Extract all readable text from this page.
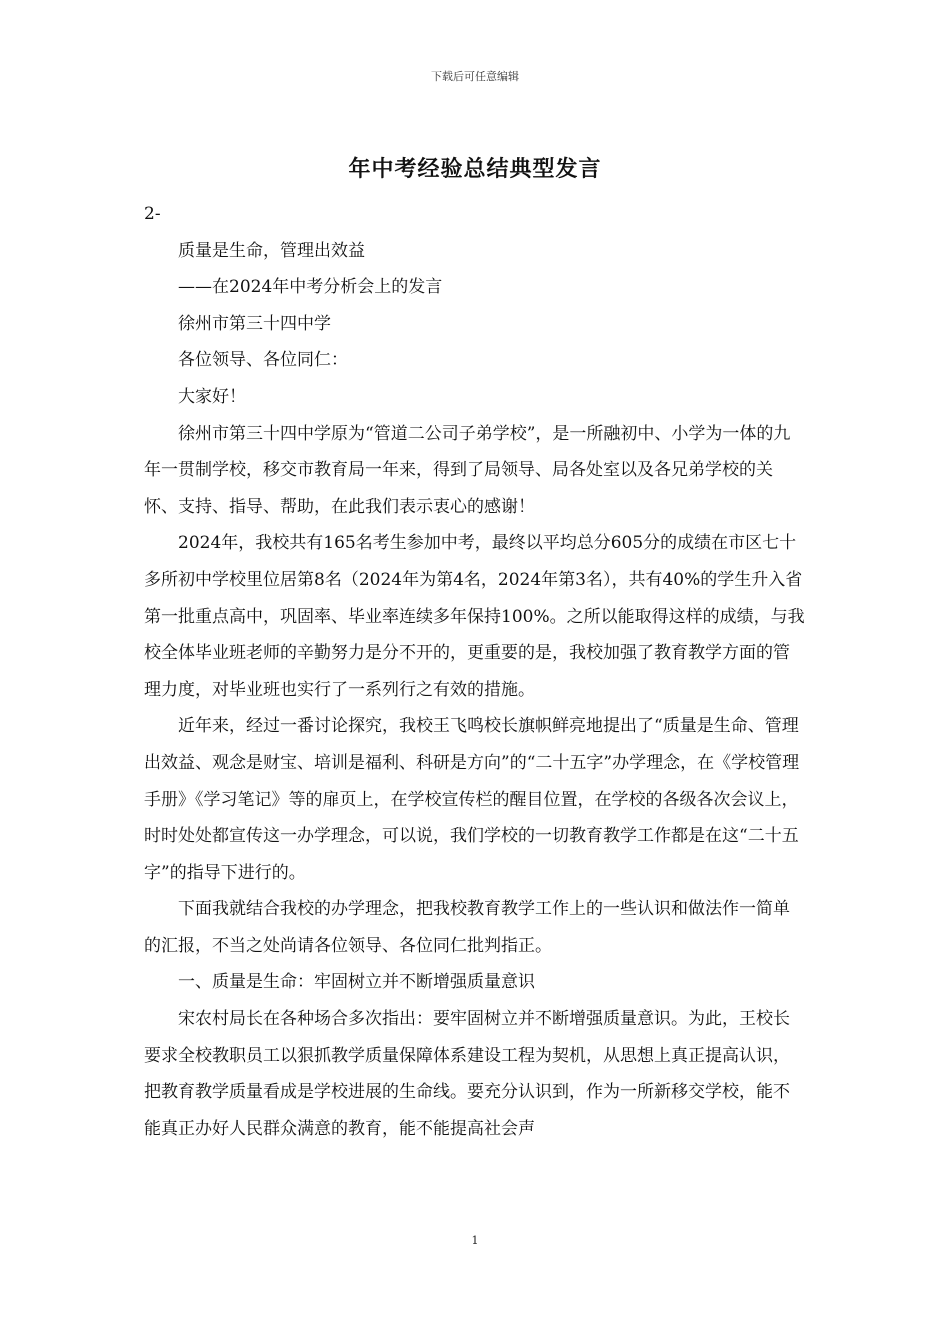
下载后可任意编辑
年中考经验总结典型发言

2-

质量是生命，管理出效益

——在2024年中考分析会上的发言

徐州市第三十四中学

各位领导、各位同仁：

大家好！

徐州市第三十四中学原为“管道二公司子弟学校”，是一所融初中、小学为一体的九年一贯制学校，移交市教育局一年来，得到了局领导、局各处室以及各兄弟学校的关怀、支持、指导、帮助，在此我们表示衷心的感谢！

2024年，我校共有165名考生参加中考，最终以平均总分605分的成绩在市区七十多所初中学校里位居第8名（2024年为第4名，2024年第3名），共有40%的学生升入省第一批重点高中，巩固率、毕业率连续多年保持100%。之所以能取得这样的成绩，与我校全体毕业班老师的辛勤努力是分不开的，更重要的是，我校加强了教育教学方面的管理力度，对毕业班也实行了一系列行之有效的措施。

近年来，经过一番讨论探究，我校王飞鸣校长旗帜鲜亮地提出了“质量是生命、管理出效益、观念是财宝、培训是福利、科研是方向”的“二十五字”办学理念，在《学校管理手册》《学习笔记》等的扉页上，在学校宣传栏的醒目位置，在学校的各级各次会议上，时时处处都宣传这一办学理念，可以说，我们学校的一切教育教学工作都是在这“二十五字”的指导下进行的。

下面我就结合我校的办学理念，把我校教育教学工作上的一些认识和做法作一简单的汇报，不当之处尚请各位领导、各位同仁批判指正。

一、质量是生命：牢固树立并不断增强质量意识

宋农村局长在各种场合多次指出：要牢固树立并不断增强质量意识。为此，王校长要求全校教职员工以狠抓教学质量保障体系建设工程为契机，从思想上真正提高认识，把教育教学质量看成是学校进展的生命线。要充分认识到，作为一所新移交学校，能不能真正办好人民群众满意的教育，能不能提高社会声

1
